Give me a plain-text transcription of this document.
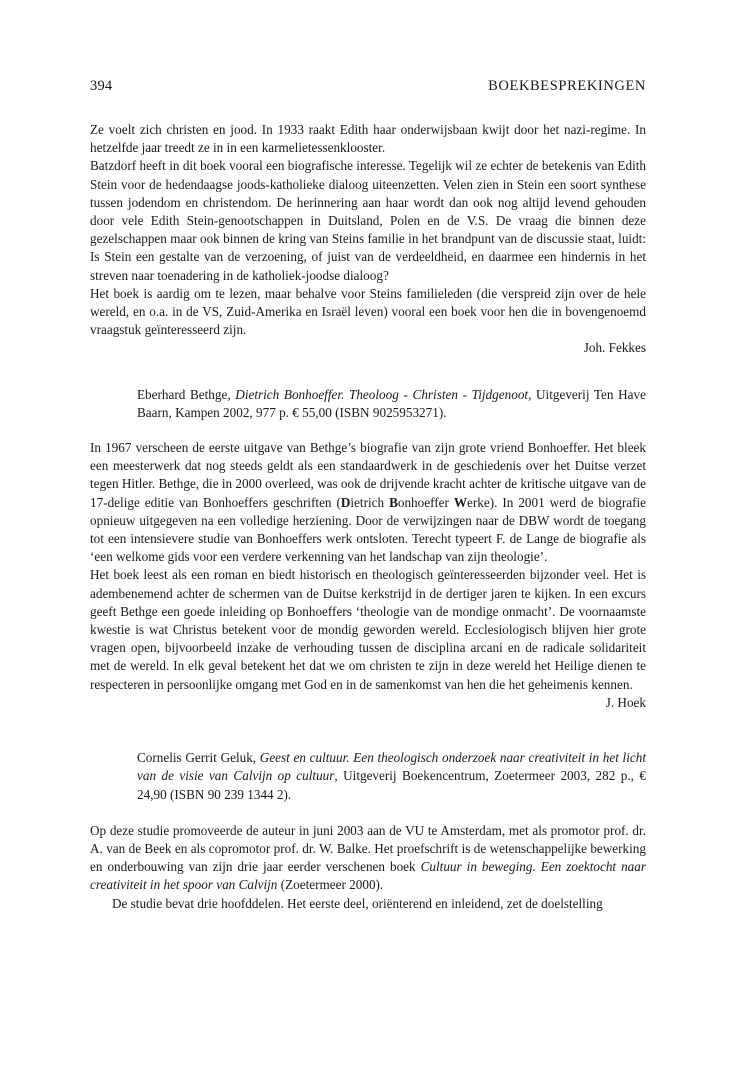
394	BOEKBESPREKINGEN

Ze voelt zich christen en jood. In 1933 raakt Edith haar onderwijsbaan kwijt door het nazi-regime. In hetzelfde jaar treedt ze in in een karmelietessenklooster.

Batzdorf heeft in dit boek vooral een biografische interesse. Tegelijk wil ze echter de betekenis van Edith Stein voor de hedendaagse joods-katholieke dialoog uiteenzetten. Velen zien in Stein een soort synthese tussen jodendom en christendom. De herinnering aan haar wordt dan ook nog altijd levend gehouden door vele Edith Stein-genootschappen in Duitsland, Polen en de V.S. De vraag die binnen deze gezelschappen maar ook binnen de kring van Steins familie in het brandpunt van de discussie staat, luidt: Is Stein een gestalte van de verzoening, of juist van de verdeeldheid, en daarmee een hindernis in het streven naar toenadering in de katholiek-joodse dialoog?

Het boek is aardig om te lezen, maar behalve voor Steins familieleden (die verspreid zijn over de hele wereld, en o.a. in de VS, Zuid-Amerika en Israël leven) vooral een boek voor hen die in bovengenoemd vraagstuk geïnteresseerd zijn.

Joh. Fekkes
Eberhard Bethge, Dietrich Bonhoeffer. Theoloog - Christen - Tijdgenoot, Uitgeverij Ten Have Baarn, Kampen 2002, 977 p. € 55,00 (ISBN 9025953271).

In 1967 verscheen de eerste uitgave van Bethge’s biografie van zijn grote vriend Bonhoeffer. Het bleek een meesterwerk dat nog steeds geldt als een standaardwerk in de geschiedenis over het Duitse verzet tegen Hitler. Bethge, die in 2000 overleed, was ook de drijvende kracht achter de kritische uitgave van de 17-delige editie van Bonhoeffers geschriften (Dietrich Bonhoeffer Werke). In 2001 werd de biografie opnieuw uitgegeven na een volledige herziening. Door de verwijzingen naar de DBW wordt de toegang tot een intensievere studie van Bonhoeffers werk ontsloten. Terecht typeert F. de Lange de biografie als ‘een welkome gids voor een verdere verkenning van het landschap van zijn theologie’.

Het boek leest als een roman en biedt historisch en theologisch geïnteresseerden bijzonder veel. Het is adembenemend achter de schermen van de Duitse kerkstrijd in de dertiger jaren te kijken. In een excurs geeft Bethge een goede inleiding op Bonhoeffers ‘theologie van de mondige onmacht’. De voornaamste kwestie is wat Christus betekent voor de mondig geworden wereld. Ecclesiologisch blijven hier grote vragen open, bijvoorbeeld inzake de verhouding tussen de disciplina arcani en de radicale solidariteit met de wereld. In elk geval betekent het dat we om christen te zijn in deze wereld het Heilige dienen te respecteren in persoonlijke omgang met God en in de samenkomst van hen die het geheimenis kennen.

J. Hoek
Cornelis Gerrit Geluk, Geest en cultuur. Een theologisch onderzoek naar creativiteit in het licht van de visie van Calvijn op cultuur, Uitgeverij Boekencentrum, Zoetermeer 2003, 282 p., € 24,90 (ISBN 90 239 1344 2).

Op deze studie promoveerde de auteur in juni 2003 aan de VU te Amsterdam, met als promotor prof. dr. A. van de Beek en als copromotor prof. dr. W. Balke. Het proefschrift is de wetenschappelijke bewerking en onderbouwing van zijn drie jaar eerder verschenen boek Cultuur in beweging. Een zoektocht naar creativiteit in het spoor van Calvijn (Zoetermeer 2000).

De studie bevat drie hoofddelen. Het eerste deel, oriënterend en inleidend, zet de doelstelling
